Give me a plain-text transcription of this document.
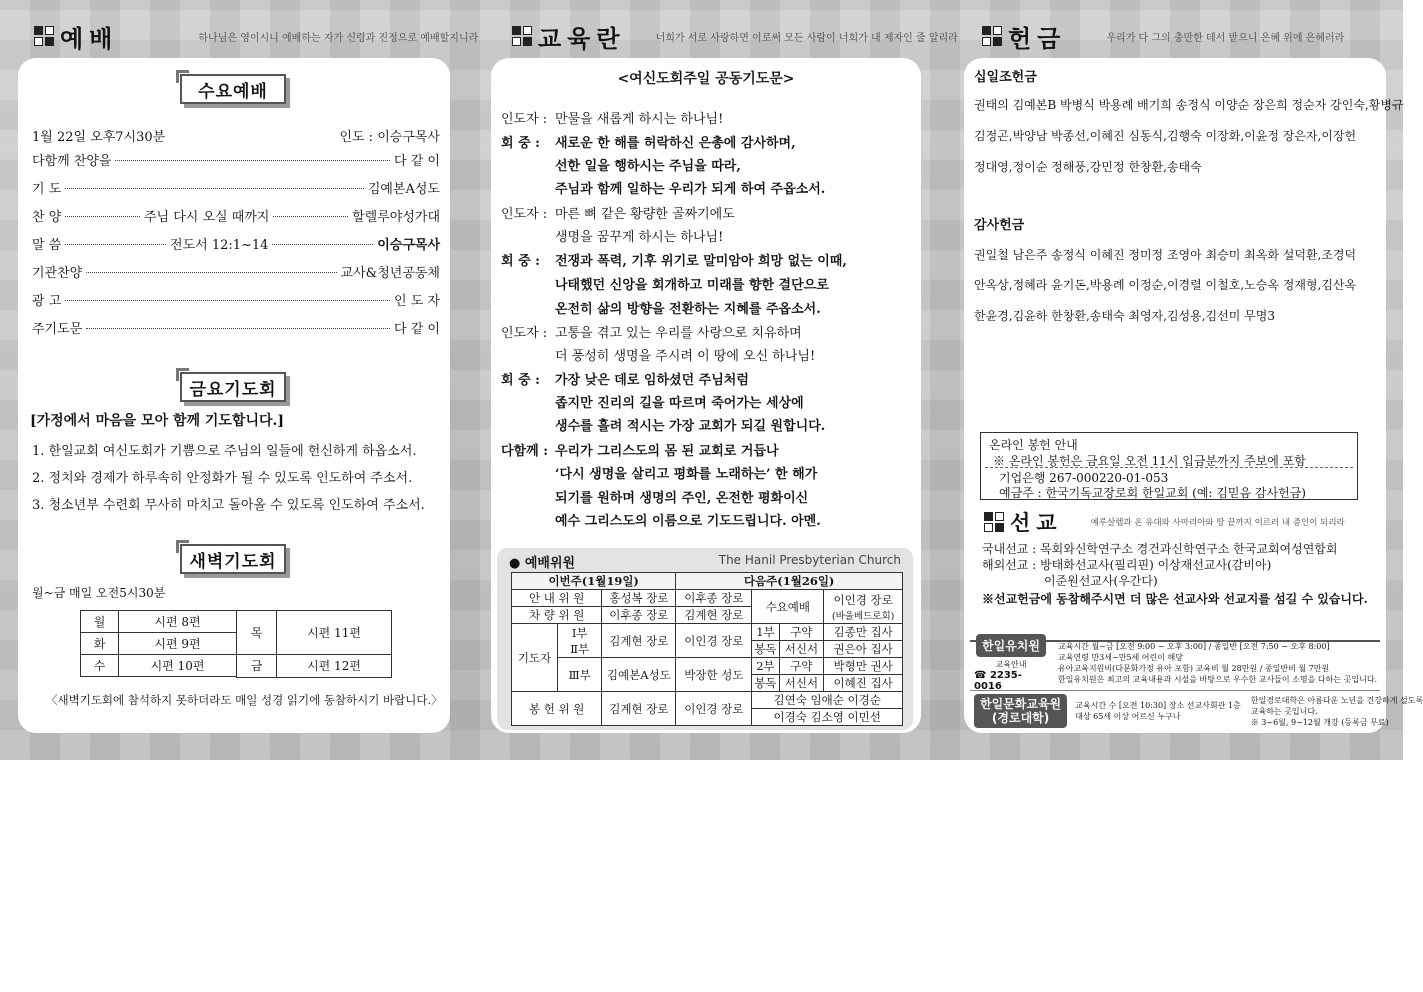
예배	하나님은 영이시니 예배하는 자가 신령과 진정으로 예배할지니라 교육란	너희가 서로 사랑하면 이로써 모든 사람이 너희가 내 제자인 줄 알리라 헌금	우리가 다 그의 충만한 데서 받으니 은혜 위에 은혜러라
수요예배
1월 22일 오후7시30분	인도 : 이승구목사
다함께 찬양을	다 같 이
기 도	김예본A성도
찬 양	주님 다시 오실 때까지	할렐루야성가대
말 씀	전도서 12:1~14	이승구목사
기관찬양	교사&청년공동체
광 고	인 도 자
주기도문	다 같 이
금요기도회
[가정에서 마음을 모아 함께 기도합니다.]
1. 한일교회 여신도회가 기쁨으로 주님의 일들에 헌신하게 하옵소서.
2. 정치와 경제가 하루속히 안정화가 될 수 있도록 인도하여 주소서.
3. 청소년부 수련회 무사히 마치고 돌아올 수 있도록 인도하여 주소서.
새벽기도회
월~금 매일 오전5시30분
월	시편 8편	목	시편 11편
화	시편 9편		
수	시편 10편	금	시편 12편

〈새벽기도회에 참석하지 못하더라도 매일 성경 읽기에 동참하시기 바랍니다.〉
<여신도회주일 공동기도문>
인도자 : 만물을 새롭게 하시는 하나님!
회 중 : 새로운 한 해를 허락하신 은총에 감사하며,
선한 일을 행하시는 주님을 따라,
주님과 함께 일하는 우리가 되게 하여 주옵소서.
인도자 : 마른 뼈 같은 황량한 골짜기에도
생명을 꿈꾸게 하시는 하나님!
회 중 : 전쟁과 폭력, 기후 위기로 말미암아 희망 없는 이때,
나태했던 신앙을 회개하고 미래를 향한 결단으로
온전히 삶의 방향을 전환하는 지혜를 주옵소서.
인도자 : 고통을 겪고 있는 우리를 사랑으로 치유하며
더 풍성히 생명을 주시려 이 땅에 오신 하나님!
회 중 : 가장 낮은 데로 임하셨던 주님처럼
좁지만 진리의 길을 따르며 죽어가는 세상에
생수를 흘려 적시는 가장 교회가 되길 원합니다.
다함께 : 우리가 그리스도의 몸 된 교회로 거듭나
‘다시 생명을 살리고 평화를 노래하는’ 한 해가
되기를 원하며 생명의 주인, 온전한 평화이신
예수 그리스도의 이름으로 기도드립니다. 아멘.
● 예배위원	The Hanil Presbyterian Church
이번주(1월19일)			다음주(1월26일)			
안 내 위 원		홍성복 장로	이후종 장로	수요예배		이인경 장로
(바울베드로회)
차 량 위 원		이후종 장로	김계현 장로			
기도자	Ⅰ부
Ⅱ부	김계현 장로	이인경 장로	1부	구약	김종만 집사
				봉독	서신서	권은아 집사
	Ⅲ부	김예본A성도	박장한 성도	2부	구약	박형만 권사
				봉독	서신서	이혜진 집사
봉 헌 위 원		김계현 장로	이인경 장로	김연숙 임애순 이경순		
				이경숙 김소영 이민선		
십일조헌금
권태의 김예본B 박병식 박용례 배기희 송정식 이양순 장은희 정순자 강인숙,황병규
김정곤,박양남 박종선,이혜진 심동식,김행숙 이장화,이윤정 장은자,이장헌
정대영,정이순 정해풍,강민정 한창환,송태숙
감사헌금
권일철 남은주 송정식 이혜진 정미정 조영아 최승미 최옥화 설덕환,조경덕
안옥상,정혜라 윤기돈,박용례 이정순,이경렬 이철호,노승옥 정재형,김산옥
한윤경,김윤하 한창환,송태숙 최영자,김성용,김선미 무명3
온라인 봉헌 안내
※ 온라인 봉헌은 금요일 오전 11시 입금분까지 주보에 포함
기업은행 267-000220-01-053
예금주 : 한국기독교장로회 한일교회 (예: 김믿음 감사헌금)
선교	예루살렘과 온 유대와 사마리아와 땅 끝까지 이르러 내 증인이 되리라
국내선교 : 목회와신학연구소 경건과신학연구소 한국교회여성연합회
해외선교 : 방태화선교사(필리핀) 이상재선교사(감비아)
이준원선교사(우간다)
※선교헌금에 동참해주시면 더 많은 선교사와 선교지를 섬길 수 있습니다.
한일유치원
교육안내
☎ 2235-0016
교육시간 월~금 [오전 9:00 ~ 오후 3:00] / 종일반 [오전 7:50 ~ 오후 8:00]
교육연령 만3세~만5세 어린이 해당
유아교육지원비(다문화가정 유아 포함) 교육비 월 28만원 / 종일반비 월 7만원
한일유치원은 최고의 교육내용과 시설을 바탕으로 우수한 교사들이 소명을 다하는 곳입니다.
한일문화교육원
(경로대학)
교육시간 수 [오전 10:30] 장소 선교사회관 1층
대상 65세 이상 어르신 누구나
한일경로대학은 아름다운 노년을 건강하게 설도록
교육하는 곳입니다.
※ 3~6월, 9~12월 개강 (등록금 무료)
